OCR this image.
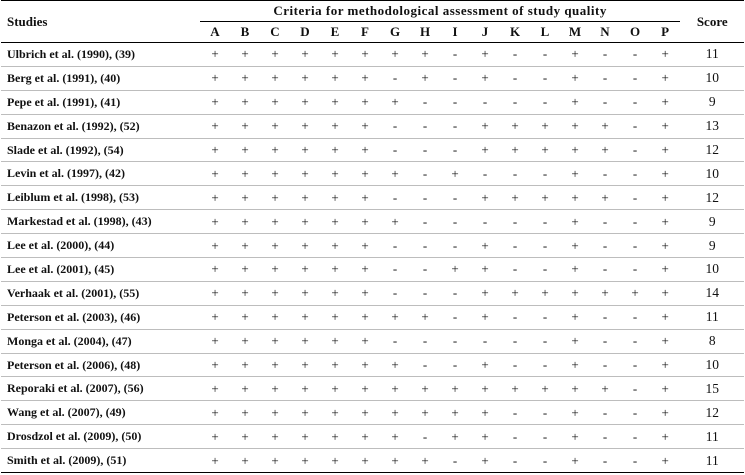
Studies	Criteria for methodological assessment of study quality																Score
	A	B	C	D	E	F	G	H	I	J	K	L	M	N	O	P	
Ulbrich et al. (1990), (39)	+	+	+	+	+	+	+	+	-	+	-	-	+	-	-	+	11
Berg et al. (1991), (40)	+	+	+	+	+	+	-	+	-	+	-	-	+	-	-	+	10
Pepe et al. (1991), (41)	+	+	+	+	+	+	+	-	-	-	-	-	+	-	-	+	9
Benazon et al. (1992), (52)	+	+	+	+	+	+	-	-	-	+	+	+	+	+	-	+	13
Slade et al. (1992), (54)	+	+	+	+	+	+	-	-	-	+	+	+	+	+	-	+	12
Levin et al. (1997), (42)	+	+	+	+	+	+	+	-	+	-	-	-	+	-	-	+	10
Leiblum et al. (1998), (53)	+	+	+	+	+	+	-	-	-	+	+	+	+	+	-	+	12
Markestad et al. (1998), (43)	+	+	+	+	+	+	+	-	-	-	-	-	+	-	-	+	9
Lee et al. (2000), (44)	+	+	+	+	+	+	-	-	-	+	-	-	+	-	-	+	9
Lee et al. (2001), (45)	+	+	+	+	+	+	-	-	+	+	-	-	+	-	-	+	10
Verhaak et al. (2001), (55)	+	+	+	+	+	+	-	-	-	+	+	+	+	+	+	+	14
Peterson et al. (2003), (46)	+	+	+	+	+	+	+	+	-	+	-	-	+	-	-	+	11
Monga et al. (2004), (47)	+	+	+	+	+	+	-	-	-	-	-	-	+	-	-	+	8
Peterson et al. (2006), (48)	+	+	+	+	+	+	+	-	-	+	-	-	+	-	-	+	10
Reporaki et al. (2007), (56)	+	+	+	+	+	+	+	+	+	+	+	+	+	+	-	+	15
Wang et al. (2007), (49)	+	+	+	+	+	+	+	+	+	+	-	-	+	-	-	+	12
Drosdzol et al. (2009), (50)	+	+	+	+	+	+	+	-	+	+	-	-	+	-	-	+	11
Smith et al. (2009), (51)	+	+	+	+	+	+	+	+	-	+	-	-	+	-	-	+	11
